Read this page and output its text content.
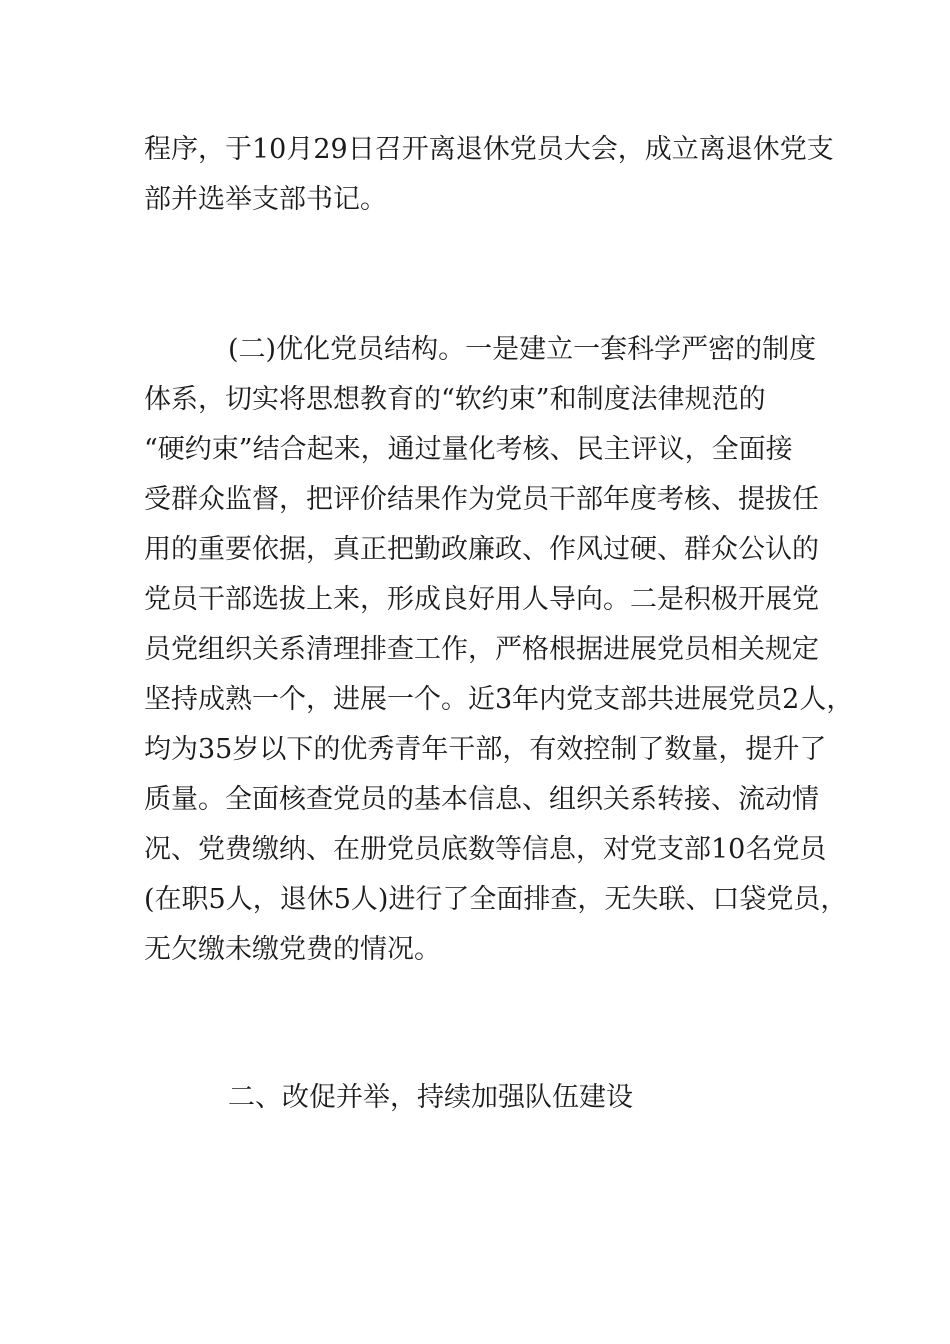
程序，于10月29日召开离退休党员大会，成立离退休党支
部并选举支部书记。
(二)优化党员结构。一是建立一套科学严密的制度
体系，切实将思想教育的“软约束”和制度法律规范的
“硬约束”结合起来，通过量化考核、民主评议，全面接
受群众监督，把评价结果作为党员干部年度考核、提拔任
用的重要依据，真正把勤政廉政、作风过硬、群众公认的
党员干部选拔上来，形成良好用人导向。二是积极开展党
员党组织关系清理排查工作，严格根据进展党员相关规定
坚持成熟一个，进展一个。近3年内党支部共进展党员2人，
均为35岁以下的优秀青年干部，有效控制了数量，提升了
质量。全面核查党员的基本信息、组织关系转接、流动情
况、党费缴纳、在册党员底数等信息，对党支部10名党员
(在职5人，退休5人)进行了全面排查，无失联、口袋党员，
无欠缴未缴党费的情况。
二、改促并举，持续加强队伍建设
